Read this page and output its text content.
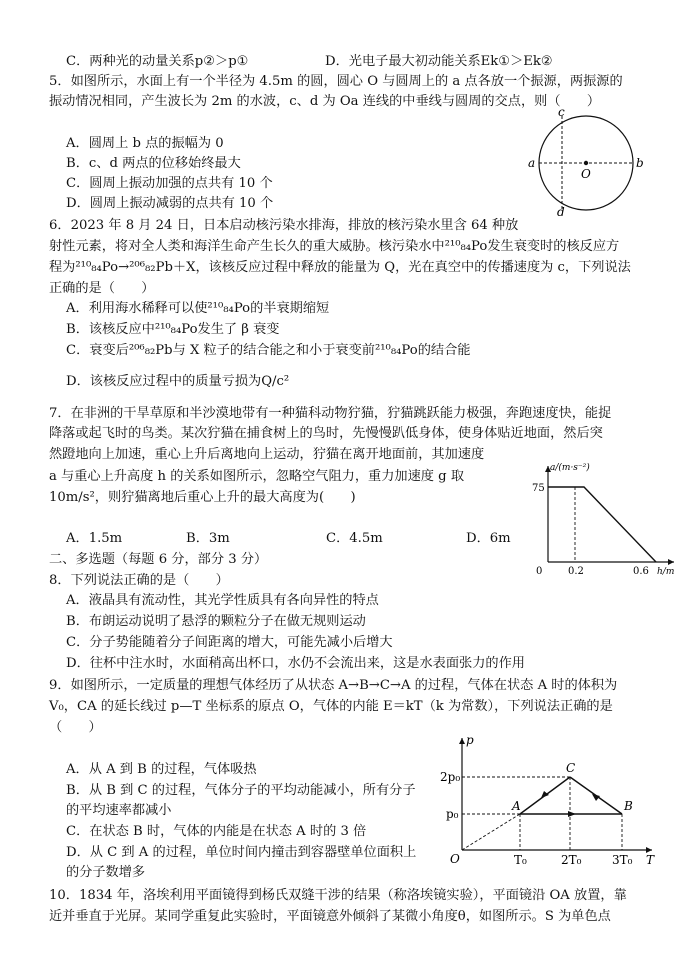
C．两种光的动量关系p②＞p①	D．光电子最大初动能关系Ek①＞Ek②
5．如图所示，水面上有一个半径为 4.5m 的圆，圆心 O 与圆周上的 a 点各放一个振源，两振源的
振动情况相同，产生波长为 2m 的水波，c、d 为 Oa 连线的中垂线与圆周的交点，则（　　）
A．圆周上 b 点的振幅为 0
B．c、d 两点的位移始终最大
C．圆周上振动加强的点共有 10 个
D．圆周上振动减弱的点共有 10 个
c
a	b
O
d
6．2023 年 8 月 24 日，日本启动核污染水排海，排放的核污染水里含 64 种放
射性元素，将对全人类和海洋生命产生长久的重大威胁。核污染水中²¹⁰₈₄Po发生衰变时的核反应方
程为²¹⁰₈₄Po→²⁰⁶₈₂Pb＋X，该核反应过程中释放的能量为 Q，光在真空中的传播速度为 c，下列说法
正确的是（　　）
A．利用海水稀释可以使²¹⁰₈₄Po的半衰期缩短
B．该核反应中²¹⁰₈₄Po发生了 β 衰变
C．衰变后²⁰⁶₈₂Pb与 X 粒子的结合能之和小于衰变前²¹⁰₈₄Po的结合能
D．该核反应过程中的质量亏损为Q/c²
7．在非洲的干旱草原和半沙漠地带有一种猫科动物狞猫，狞猫跳跃能力极强，奔跑速度快，能捉
降落或起飞时的鸟类。某次狞猫在捕食树上的鸟时，先慢慢趴低身体，使身体贴近地面，然后突
然蹬地向上加速，重心上升后离地向上运动，狞猫在离开地面前，其加速度
a 与重心上升高度 h 的关系如图所示，忽略空气阻力，重力加速度 g 取
10m/s²，则狞猫离地后重心上升的最大高度为(　　)
A．1.5m	B．3m	C．4.5m	D．6m
a/(m·s⁻²)
75
0	0.2	0.6 h/m
二、多选题（每题 6 分，部分 3 分）
8．下列说法正确的是（　　）
A．液晶具有流动性，其光学性质具有各向异性的特点
B．布朗运动说明了悬浮的颗粒分子在做无规则运动
C．分子势能随着分子间距离的增大，可能先减小后增大
D．往杯中注水时，水面稍高出杯口，水仍不会流出来，这是水表面张力的作用
9．如图所示，一定质量的理想气体经历了从状态 A→B→C→A 的过程，气体在状态 A 时的体积为
V₀，CA 的延长线过 p—T 坐标系的原点 O，气体的内能 E＝kT（k 为常数），下列说法正确的是
（　　）
A．从 A 到 B 的过程，气体吸热
B．从 B 到 C 的过程，气体分子的平均动能减小，所有分子
的平均速率都减小
C．在状态 B 时，气体的内能是在状态 A 时的 3 倍
D．从 C 到 A 的过程，单位时间内撞击到容器壁单位面积上
的分子数增多
p
2p₀
p₀
O	T₀	2T₀	3T₀ T
A	B
C
10．1834 年，洛埃利用平面镜得到杨氏双缝干涉的结果（称洛埃镜实验），平面镜沿 OA 放置，靠
近并垂直于光屏。某同学重复此实验时，平面镜意外倾斜了某微小角度θ，如图所示。S 为单色点
